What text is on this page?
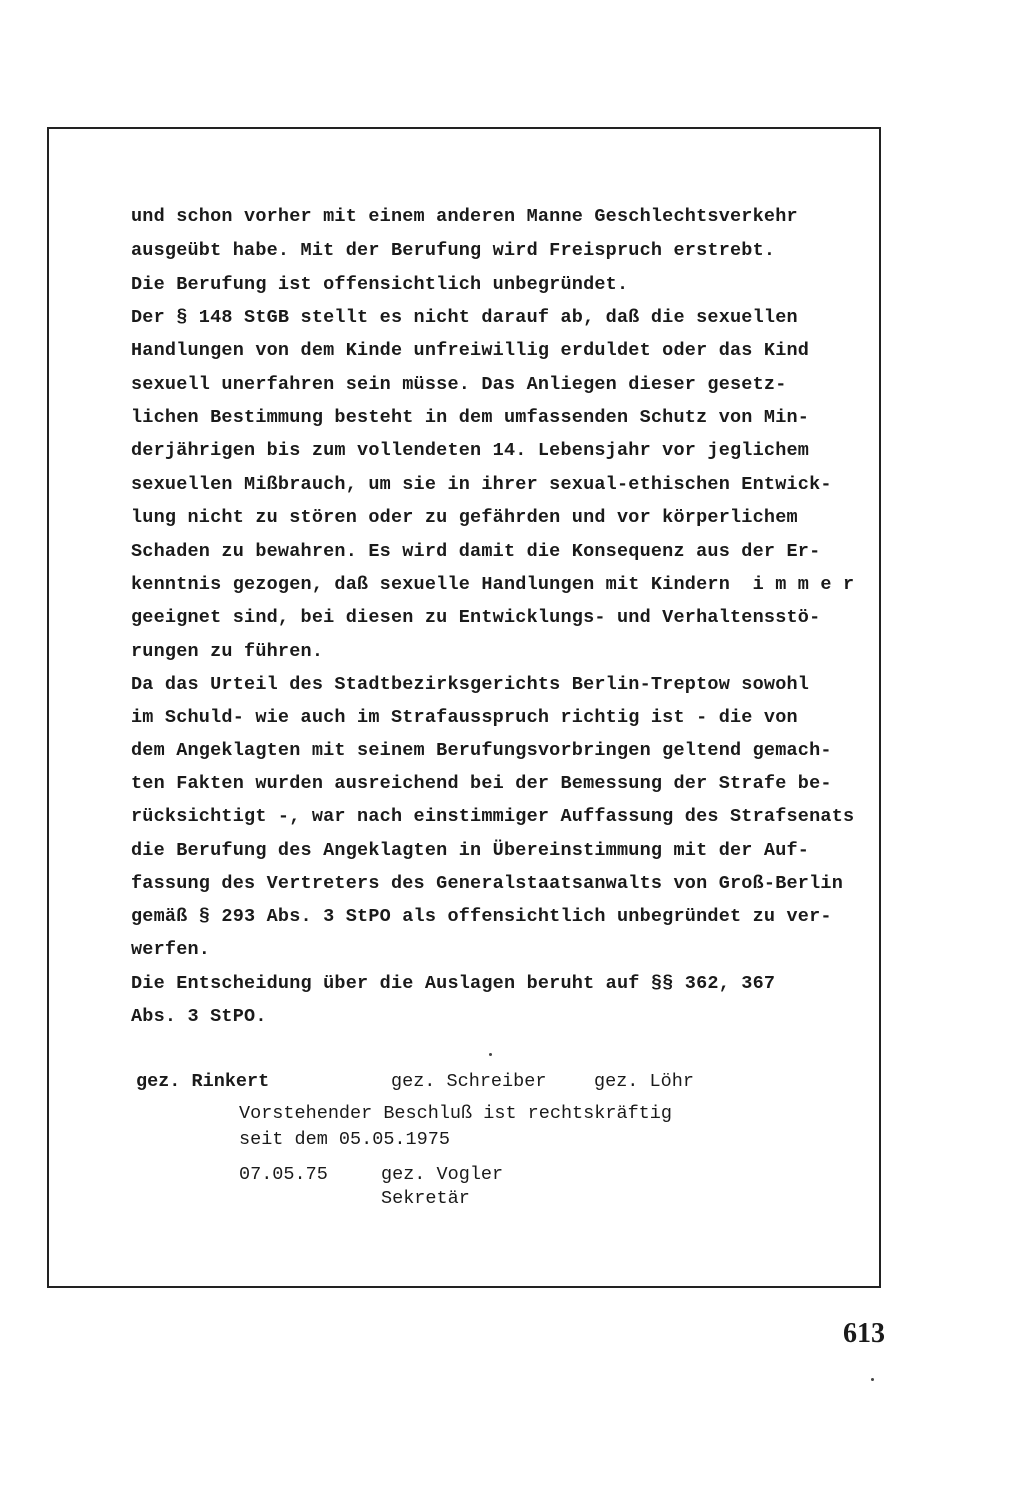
und schon vorher mit einem anderen Manne Geschlechtsverkehr
ausgeübt habe. Mit der Berufung wird Freispruch erstrebt.
Die Berufung ist offensichtlich unbegründet.
Der § 148 StGB stellt es nicht darauf ab, daß die sexuellen
Handlungen von dem Kinde unfreiwillig erduldet oder das Kind
sexuell unerfahren sein müsse. Das Anliegen dieser gesetz-
lichen Bestimmung besteht in dem umfassenden Schutz von Min-
derjährigen bis zum vollendeten 14. Lebensjahr vor jeglichem
sexuellen Mißbrauch, um sie in ihrer sexual-ethischen Entwick-
lung nicht zu stören oder zu gefährden und vor körperlichem
Schaden zu bewahren. Es wird damit die Konsequenz aus der Er-
kenntnis gezogen, daß sexuelle Handlungen mit Kindern  i m m e r
geeignet sind, bei diesen zu Entwicklungs- und Verhaltensstö-
rungen zu führen.
Da das Urteil des Stadtbezirksgerichts Berlin-Treptow sowohl
im Schuld- wie auch im Strafausspruch richtig ist - die von
dem Angeklagten mit seinem Berufungsvorbringen geltend gemach-
ten Fakten wurden ausreichend bei der Bemessung der Strafe be-
rücksichtigt -, war nach einstimmiger Auffassung des Strafsenats
die Berufung des Angeklagten in Übereinstimmung mit der Auf-
fassung des Vertreters des Generalstaatsanwalts von Groß-Berlin
gemäß § 293 Abs. 3 StPO als offensichtlich unbegründet zu ver-
werfen.
Die Entscheidung über die Auslagen beruht auf §§ 362, 367
Abs. 3 StPO.
gez. Rinkert	gez. Schreiber	gez. Löhr
Vorstehender Beschluß ist rechtskräftig
seit dem 05.05.1975
07.05.75	gez. Vogler
Sekretär
613
